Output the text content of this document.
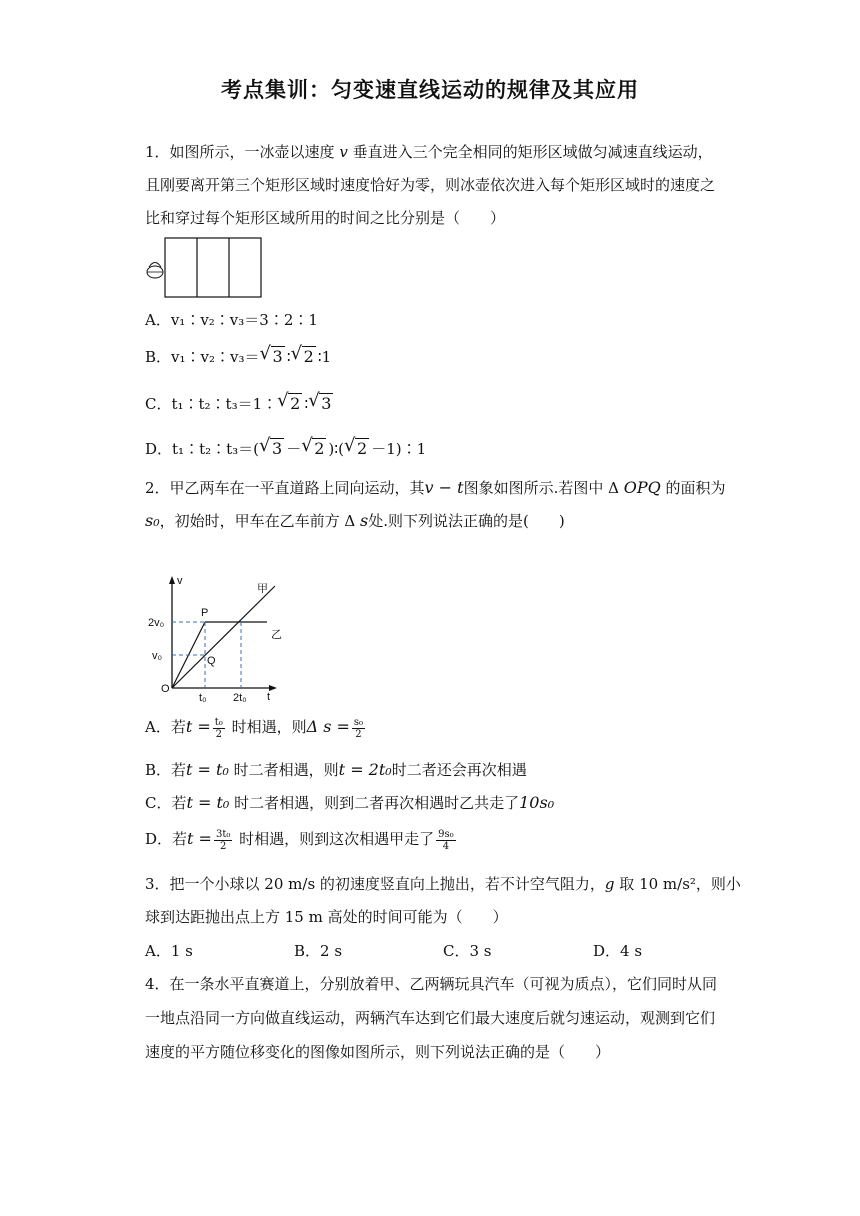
考点集训：匀变速直线运动的规律及其应用
1．如图所示，一冰壶以速度 v 垂直进入三个完全相同的矩形区域做匀减速直线运动，
且刚要离开第三个矩形区域时速度恰好为零，则冰壶依次进入每个矩形区域时的速度之
比和穿过每个矩形区域所用的时间之比分别是（　　）
A．v₁∶v₂∶v₃＝3∶2∶1
B．v₁∶v₂∶v₃＝ √ 3 ∶ √ 2 ∶1
C．t₁∶t₂∶t₃＝1∶ √ 2 ∶ √ 3
D．t₁∶t₂∶t₃＝( √ 3 － √ 2 )∶( √ 2 －1)∶1
2．甲乙两车在一平直道路上同向运动，其v − t图象如图所示.若图中 Δ OPQ 的面积为
s₀，初始时，甲车在乙车前方 Δ s处.则下列说法正确的是(　　)
v
t
O
P
Q
甲
乙
2v₀
v₀
t₀ 2t₀
A．若$t = \frac{\text{t₀}}{2}$ 时相遇，则Δ $s = \frac{\text{s₀}}{2}$
B．若t = t₀ 时二者相遇，则t = 2t₀时二者还会再次相遇
C．若t = t₀ 时二者相遇，则到二者再次相遇时乙共走了10s₀
D．若$t = \frac{\text{3t₀}}{2}$ 时相遇，则到这次相遇甲走了 $\frac{\text{9s₀}}{4}$
3．把一个小球以 20 m/s 的初速度竖直向上抛出，若不计空气阻力，g 取 10 m/s²，则小
球到达距抛出点上方 15 m 高处的时间可能为（　　）
A．1 s	B．2 s	C．3 s	D．4 s
4．在一条水平直赛道上，分别放着甲、乙两辆玩具汽车（可视为质点），它们同时从同
一地点沿同一方向做直线运动，两辆汽车达到它们最大速度后就匀速运动，观测到它们
速度的平方随位移变化的图像如图所示，则下列说法正确的是（　　）
